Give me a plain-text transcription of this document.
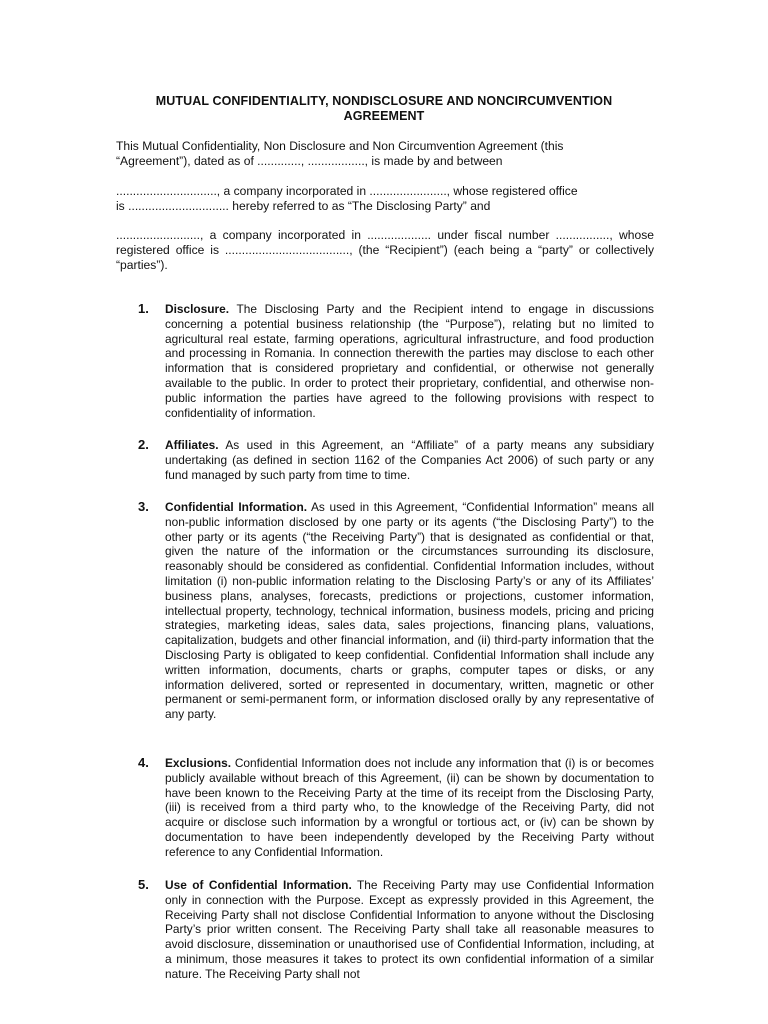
MUTUAL CONFIDENTIALITY, NONDISCLOSURE AND NONCIRCUMVENTION AGREEMENT
This Mutual Confidentiality, Non Disclosure and Non Circumvention Agreement (this
“Agreement”), dated as of ............., ................., is made by and between
.............................., a company incorporated in ......................., whose registered office
is .............................. hereby referred to as “The Disclosing Party” and
........................., a company incorporated in ................... under fiscal number ................, whose registered office is ....................................., (the “Recipient”) (each being a “party” or collectively “parties”).
1. Disclosure. The Disclosing Party and the Recipient intend to engage in discussions concerning a potential business relationship (the “Purpose”), relating but no limited to agricultural real estate, farming operations, agricultural infrastructure, and food production and processing in Romania. In connection therewith the parties may disclose to each other information that is considered proprietary and confidential, or otherwise not generally available to the public. In order to protect their proprietary, confidential, and otherwise non-public information the parties have agreed to the following provisions with respect to confidentiality of information.
2. Affiliates. As used in this Agreement, an “Affiliate” of a party means any subsidiary undertaking (as defined in section 1162 of the Companies Act 2006) of such party or any fund managed by such party from time to time.
3. Confidential Information. As used in this Agreement, “Confidential Information” means all non-public information disclosed by one party or its agents (“the Disclosing Party”) to the other party or its agents (“the Receiving Party”) that is designated as confidential or that, given the nature of the information or the circumstances surrounding its disclosure, reasonably should be considered as confidential. Confidential Information includes, without limitation (i) non-public information relating to the Disclosing Party’s or any of its Affiliates’ business plans, analyses, forecasts, predictions or projections, customer information, intellectual property, technology, technical information, business models, pricing and pricing strategies, marketing ideas, sales data, sales projections, financing plans, valuations, capitalization, budgets and other financial information, and (ii) third-party information that the Disclosing Party is obligated to keep confidential. Confidential Information shall include any written information, documents, charts or graphs, computer tapes or disks, or any information delivered, sorted or represented in documentary, written, magnetic or other permanent or semi-permanent form, or information disclosed orally by any representative of any party.
4. Exclusions. Confidential Information does not include any information that (i) is or becomes publicly available without breach of this Agreement, (ii) can be shown by documentation to have been known to the Receiving Party at the time of its receipt from the Disclosing Party, (iii) is received from a third party who, to the knowledge of the Receiving Party, did not acquire or disclose such information by a wrongful or tortious act, or (iv) can be shown by documentation to have been independently developed by the Receiving Party without reference to any Confidential Information.
5. Use of Confidential Information. The Receiving Party may use Confidential Information only in connection with the Purpose. Except as expressly provided in this Agreement, the Receiving Party shall not disclose Confidential Information to anyone without the Disclosing Party’s prior written consent. The Receiving Party shall take all reasonable measures to avoid disclosure, dissemination or unauthorised use of Confidential Information, including, at a minimum, those measures it takes to protect its own confidential information of a similar nature. The Receiving Party shall not
